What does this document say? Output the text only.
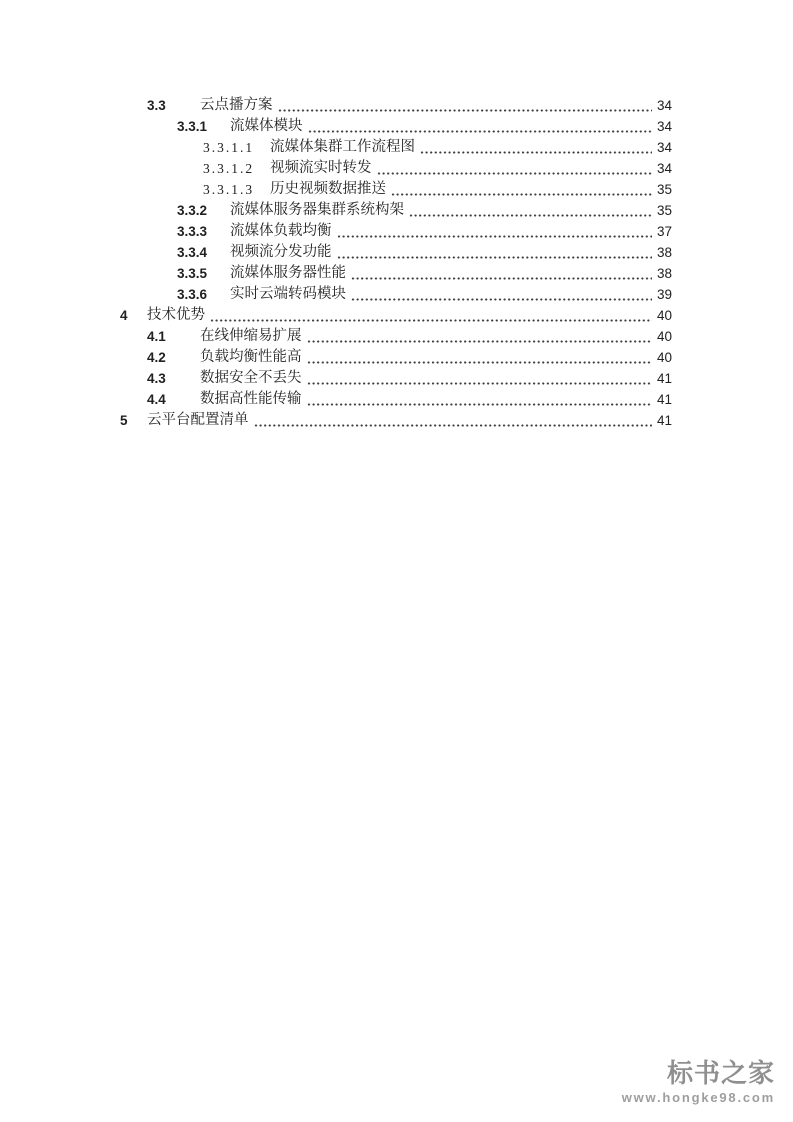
3.3	云点播方案	34
3.3.1	流媒体模块	34
3.3.1.1	流媒体集群工作流程图	34
3.3.1.2	视频流实时转发	34
3.3.1.3	历史视频数据推送	35
3.3.2	流媒体服务器集群系统构架	35
3.3.3	流媒体负载均衡	37
3.3.4	视频流分发功能	38
3.3.5	流媒体服务器性能	38
3.3.6	实时云端转码模块	39
4	技术优势	40
4.1	在线伸缩易扩展	40
4.2	负载均衡性能高	40
4.3	数据安全不丢失	41
4.4	数据高性能传输	41
5	云平台配置清单	41
标书之家
www.hongke98.com
